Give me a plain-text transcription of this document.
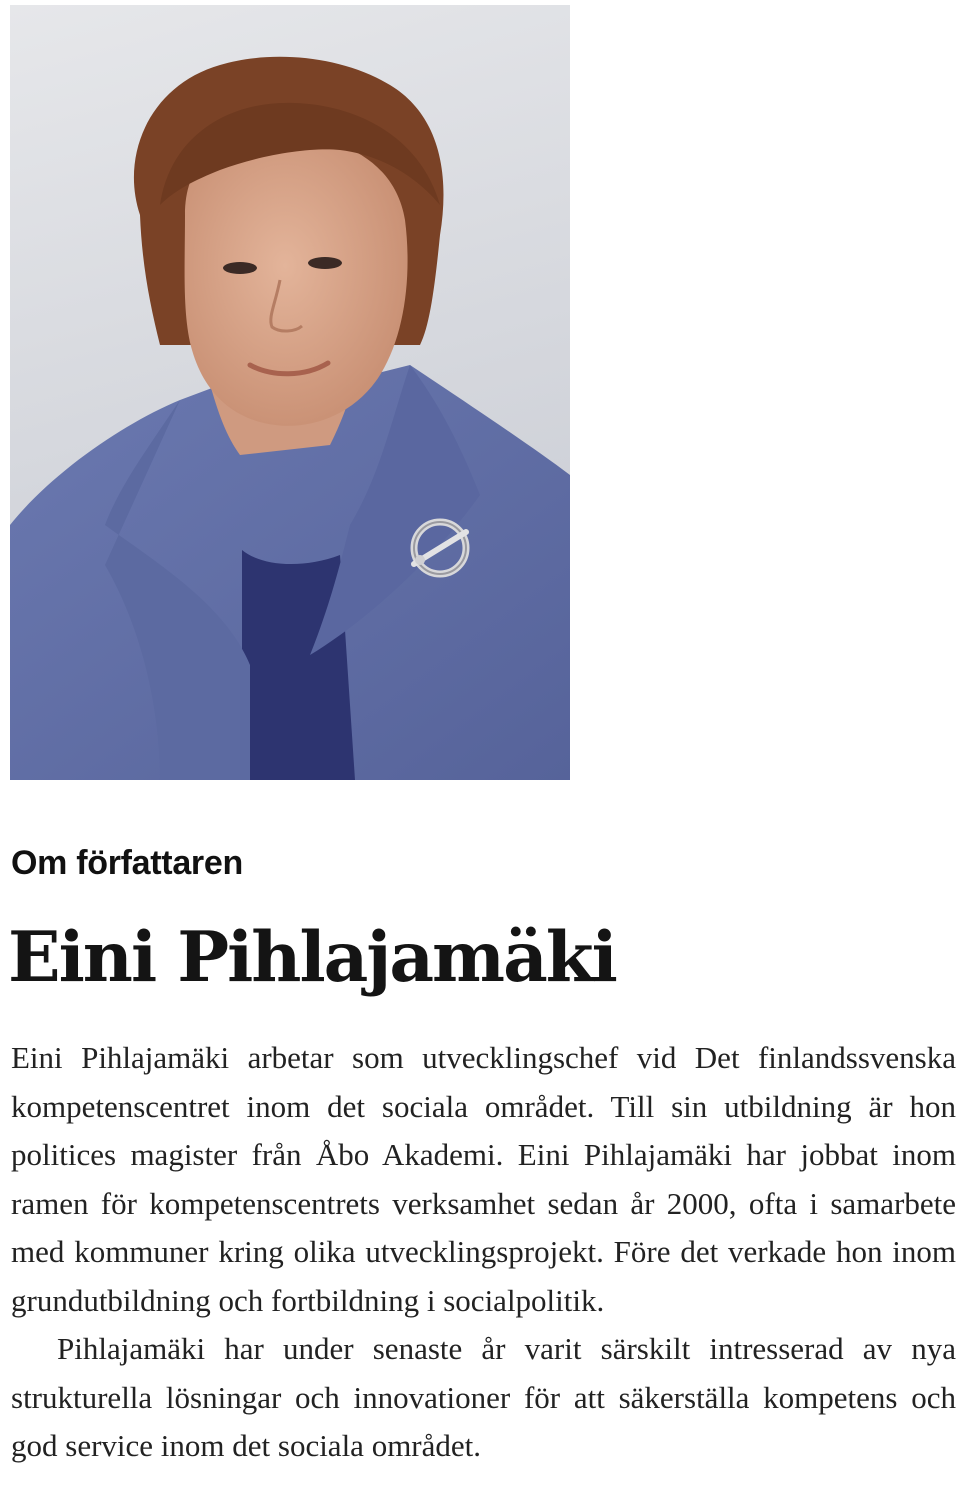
Om författaren
Eini Pihlajamäki

Eini Pihlajamäki arbetar som utvecklingschef vid Det finlandssvenska kompetenscentret inom det sociala området. Till sin utbildning är hon politices magister från Åbo Akademi. Eini Pihlajamäki har jobbat inom ramen för kompetenscentrets verksamhet sedan år 2000, ofta i samarbete med kommuner kring olika utvecklingsprojekt. Före det verkade hon inom grundutbildning och fortbildning i socialpolitik.

Pihlajamäki har under senaste år varit särskilt intresserad av nya strukturella lösningar och innovationer för att säkerställa kompetens och god service inom det sociala området.
